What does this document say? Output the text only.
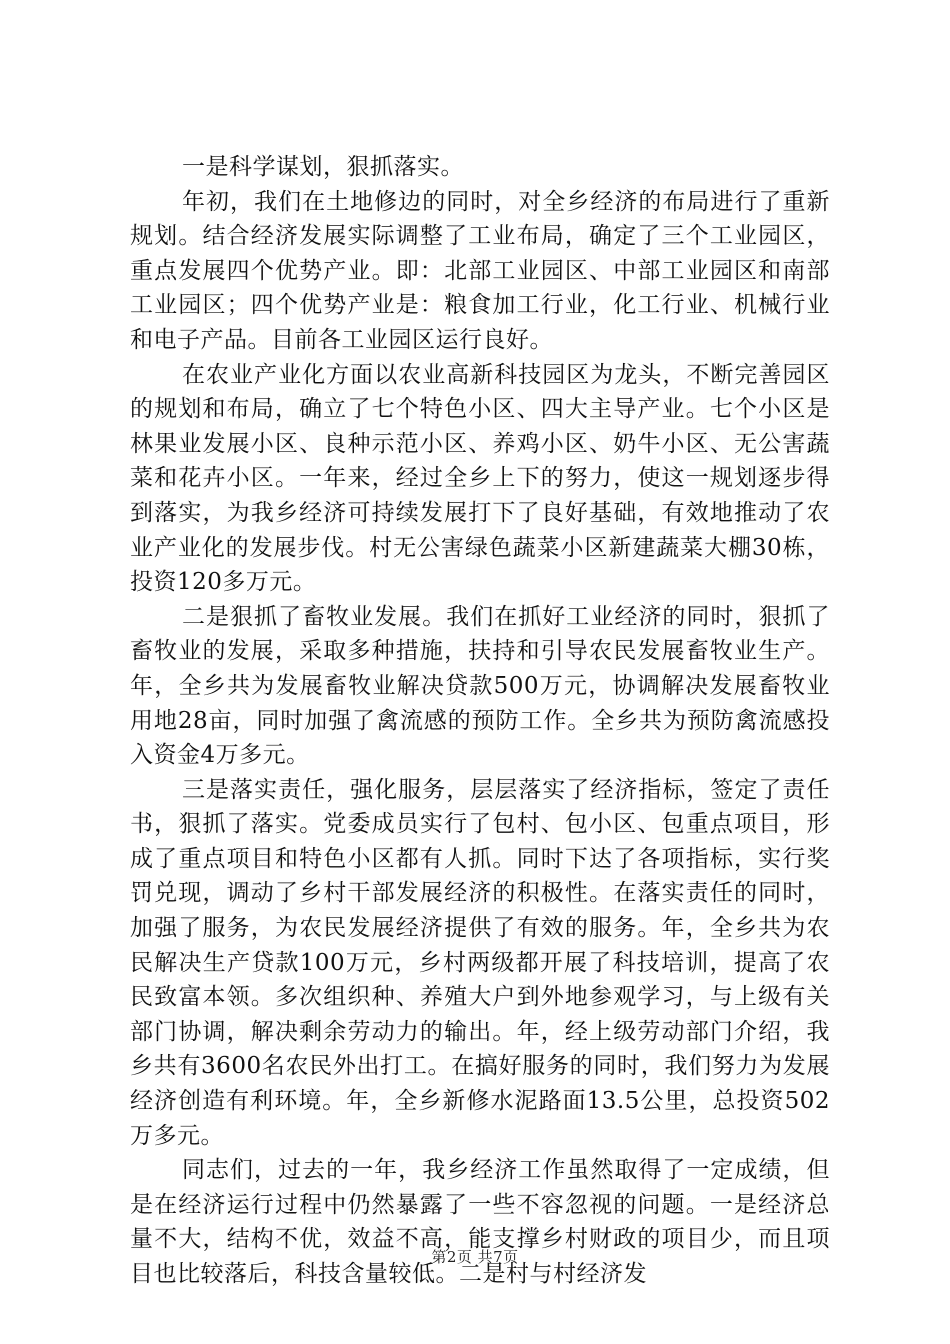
一是科学谋划，狠抓落实。

年初，我们在土地修边的同时，对全乡经济的布局进行了重新规划。结合经济发展实际调整了工业布局，确定了三个工业园区，重点发展四个优势产业。即：北部工业园区、中部工业园区和南部工业园区；四个优势产业是：粮食加工行业，化工行业、机械行业和电子产品。目前各工业园区运行良好。

在农业产业化方面以农业高新科技园区为龙头，不断完善园区的规划和布局，确立了七个特色小区、四大主导产业。七个小区是林果业发展小区、良种示范小区、养鸡小区、奶牛小区、无公害蔬菜和花卉小区。一年来，经过全乡上下的努力，使这一规划逐步得到落实，为我乡经济可持续发展打下了良好基础，有效地推动了农业产业化的发展步伐。村无公害绿色蔬菜小区新建蔬菜大棚30栋，投资120多万元。

二是狠抓了畜牧业发展。我们在抓好工业经济的同时，狠抓了畜牧业的发展，采取多种措施，扶持和引导农民发展畜牧业生产。年，全乡共为发展畜牧业解决贷款500万元，协调解决发展畜牧业用地28亩，同时加强了禽流感的预防工作。全乡共为预防禽流感投入资金4万多元。

三是落实责任，强化服务，层层落实了经济指标，签定了责任书，狠抓了落实。党委成员实行了包村、包小区、包重点项目，形成了重点项目和特色小区都有人抓。同时下达了各项指标，实行奖罚兑现，调动了乡村干部发展经济的积极性。在落实责任的同时，加强了服务，为农民发展经济提供了有效的服务。年，全乡共为农民解决生产贷款100万元，乡村两级都开展了科技培训，提高了农民致富本领。多次组织种、养殖大户到外地参观学习，与上级有关部门协调，解决剩余劳动力的输出。年，经上级劳动部门介绍，我乡共有3600名农民外出打工。在搞好服务的同时，我们努力为发展经济创造有利环境。年，全乡新修水泥路面13.5公里，总投资502万多元。

同志们，过去的一年，我乡经济工作虽然取得了一定成绩，但是在经济运行过程中仍然暴露了一些不容忽视的问题。一是经济总量不大，结构不优，效益不高，能支撑乡村财政的项目少，而且项目也比较落后，科技含量较低。二是村与村经济发

第2页 共7页
